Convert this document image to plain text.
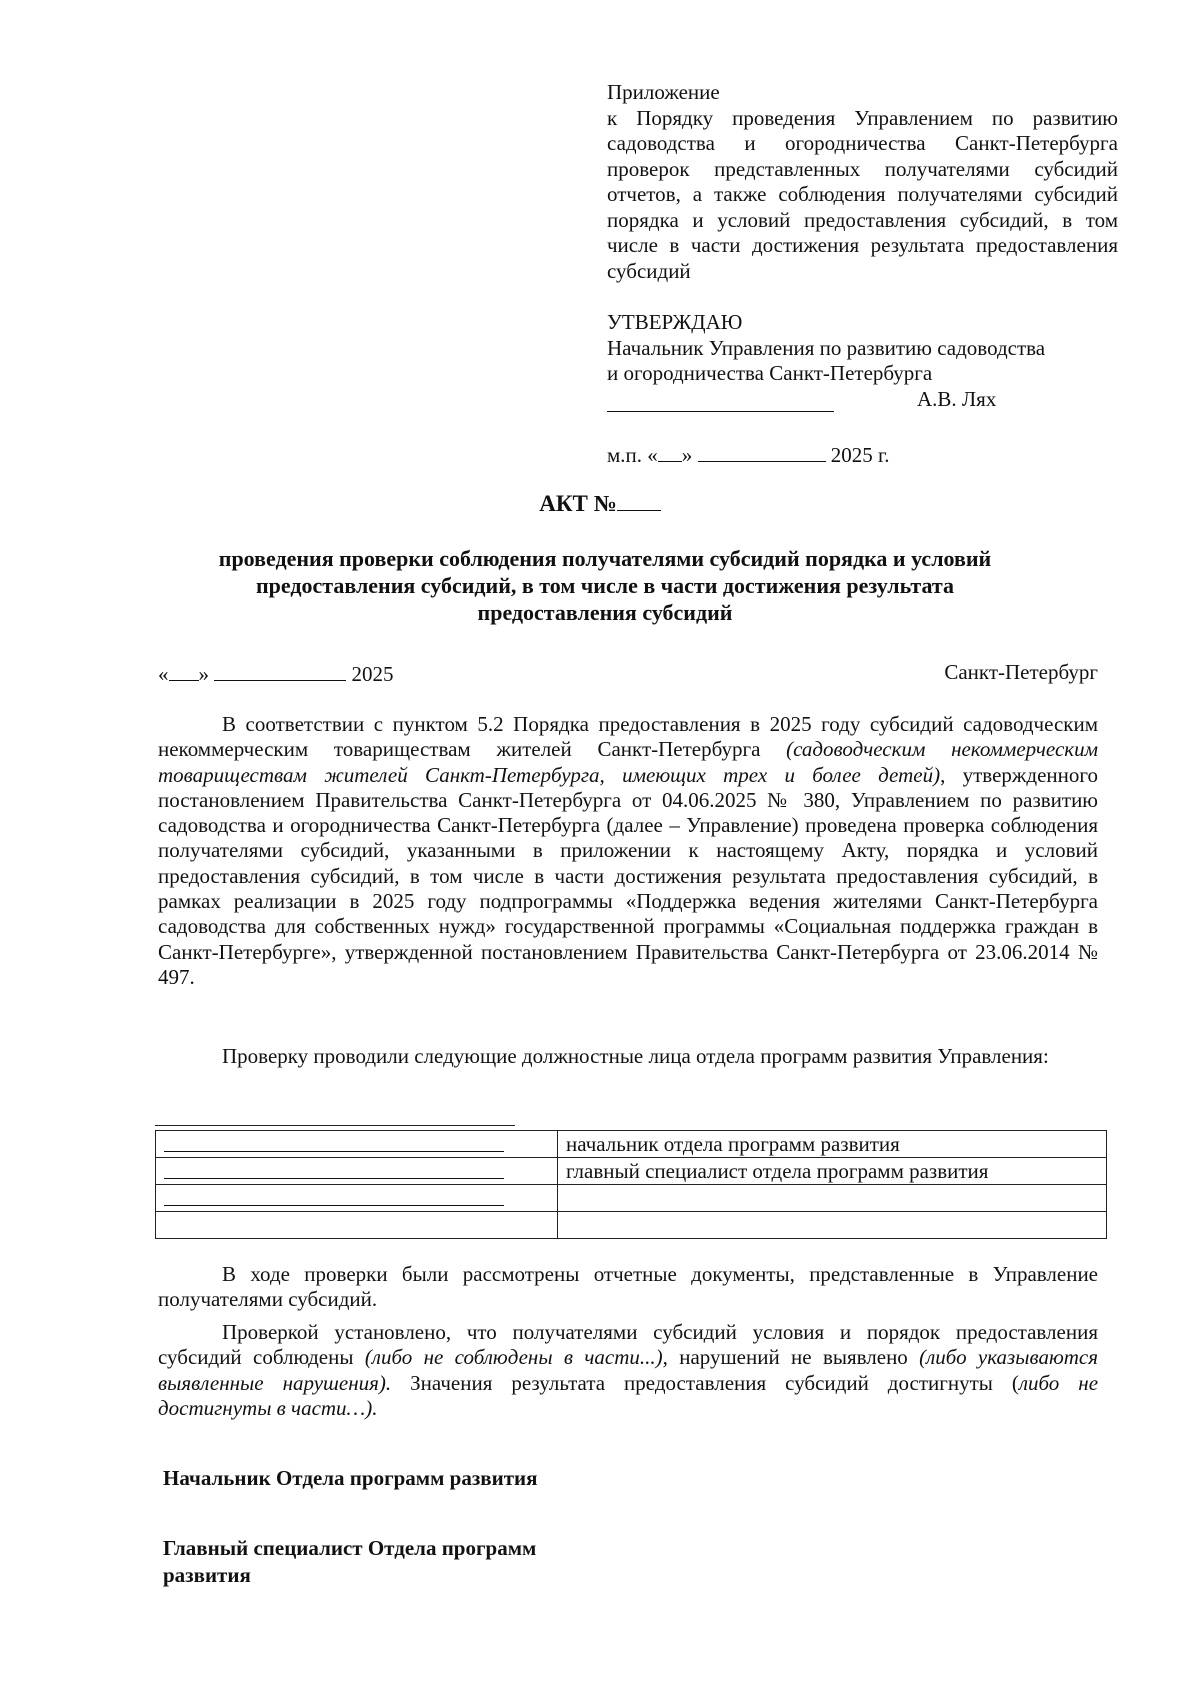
Приложение
к Порядку проведения Управлением по развитию садоводства и огородничества Санкт-Петербурга проверок представленных получателями субсидий отчетов, а также соблюдения получателями субсидий порядка и условий предоставления субсидий, в том числе в части достижения результата предоставления субсидий
УТВЕРЖДАЮ
Начальник Управления по развитию садоводства
и огородничества Санкт-Петербурга
А.В. Лях
м.п. « »	2025 г.
АКТ №
проведения проверки соблюдения получателями субсидий порядка и условий предоставления субсидий, в том числе в части достижения результата предоставления субсидий
« »	2025	Санкт-Петербург
В соответствии с пунктом 5.2 Порядка предоставления в 2025 году субсидий садоводческим некоммерческим товариществам жителей Санкт-Петербурга (садоводческим некоммерческим товариществам жителей Санкт-Петербурга, имеющих трех и более детей), утвержденного постановлением Правительства Санкт-Петербурга от 04.06.2025 № 380, Управлением по развитию садоводства и огородничества Санкт-Петербурга (далее – Управление) проведена проверка соблюдения получателями субсидий, указанными в приложении к настоящему Акту, порядка и условий предоставления субсидий, в том числе в части достижения результата предоставления субсидий, в рамках реализации в 2025 году подпрограммы «Поддержка ведения жителями Санкт-Петербурга садоводства для собственных нужд» государственной программы «Социальная поддержка граждан в Санкт-Петербурге», утвержденной постановлением Правительства Санкт-Петербурга от 23.06.2014 № 497.
Проверку проводили следующие должностные лица отдела программ развития Управления:
	начальник отдела программ развития

	главный специалист отдела программ развития

В ходе проверки были рассмотрены отчетные документы, представленные в Управление получателями субсидий.
Проверкой установлено, что получателями субсидий условия и порядок предоставления субсидий соблюдены (либо не соблюдены в части...), нарушений не выявлено (либо указываются выявленные нарушения). Значения результата предоставления субсидий достигнуты (либо не достигнуты в части…).
Начальник Отдела программ развития
Главный специалист Отдела программ
развития
